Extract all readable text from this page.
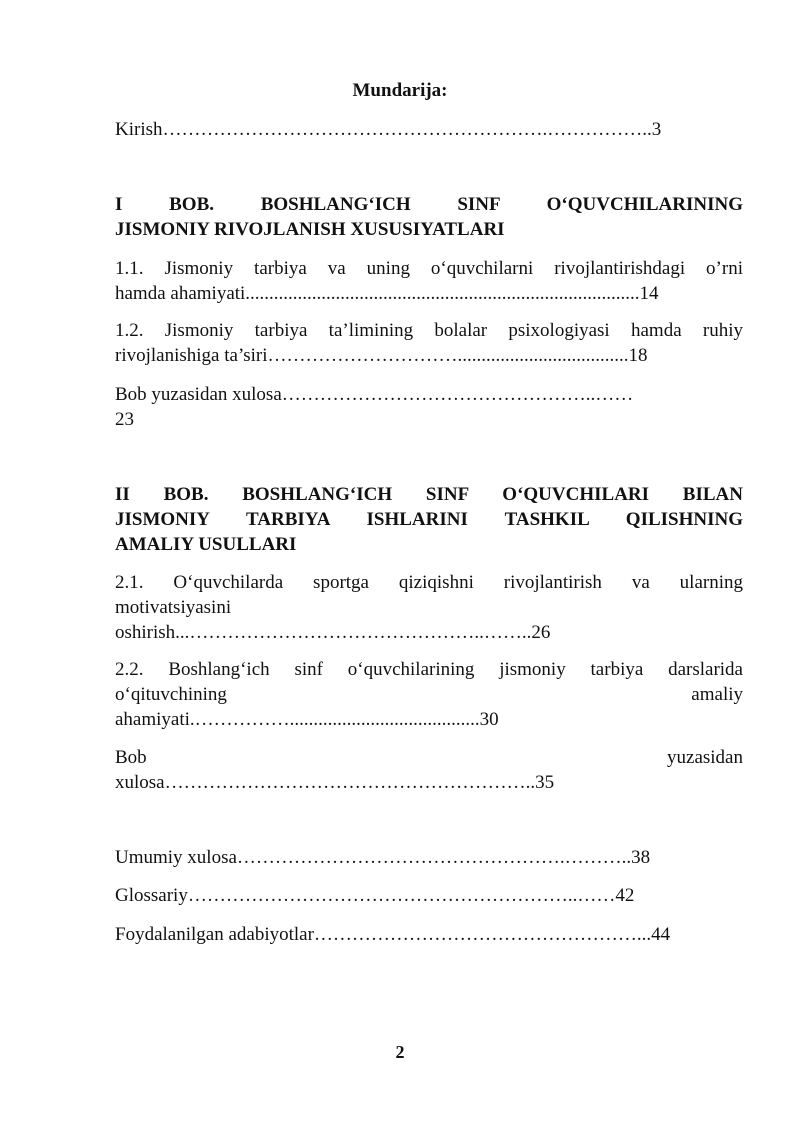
Mundarija:
Kirish…………………………………………………….……………..3
I BOB. BOSHLANG‘ICH SINF O‘QUVCHILARINING
JISMONIY RIVOJLANISH XUSUSIYATLARI
1.1. Jismoniy tarbiya va uning o‘quvchilarni rivojlantirishdagi o’rni
hamda ahamiyati...................................................................................14
1.2. Jismoniy tarbiya ta’limining bolalar psixologiyasi hamda ruhiy
rivojlanishiga ta’siri…………………………....................................18
Bob yuzasidan xulosa…………………………………………..……
23
II BOB. BOSHLANG‘ICH SINF O‘QUVCHILARI BILAN
JISMONIY TARBIYA ISHLARINI TASHKIL QILISHNING
AMALIY USULLARI
2.1. O‘quvchilarda sportga qiziqishni rivojlantirish va ularning
motivatsiyasini
oshirish...………………………………………..……..26
2.2. Boshlang‘ich sinf o‘quvchilarining jismoniy tarbiya darslarida
o‘qituvchining amaliy
ahamiyati.……………........................................30
Bob yuzasidan
xulosa…………………………………………………..35
Umumiy xulosa…………………………………………….………..38
Glossariy……………………………………………………..……42
Foydalanilgan adabiyotlar……………………………………………...44
2
